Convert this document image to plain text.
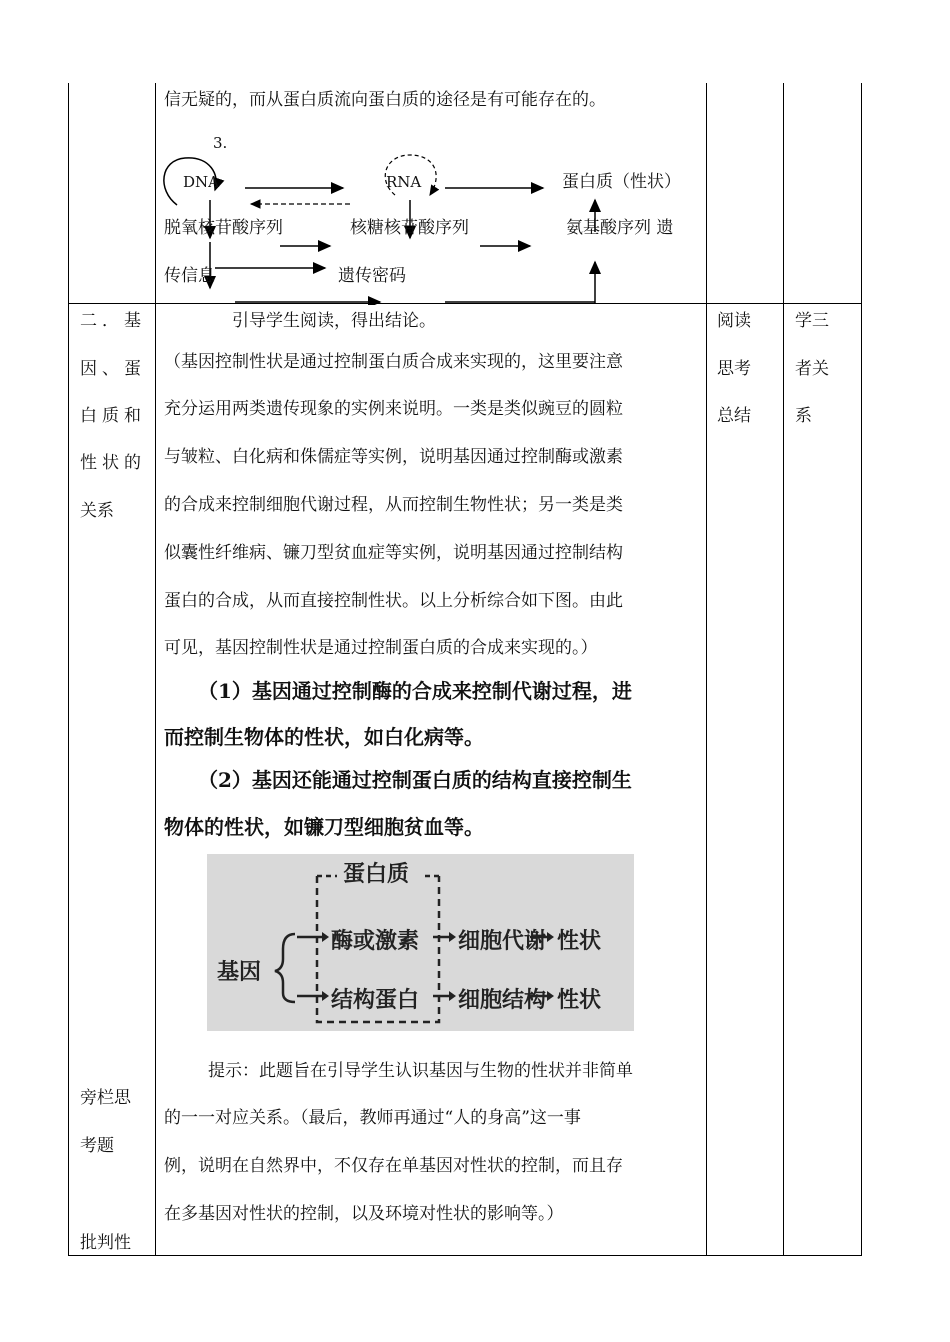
信无疑的，而从蛋白质流向蛋白质的途径是有可能存在的。
3.
DNA	RNA	蛋白质（性状）
脱氧核苷酸序列	核糖核苷酸序列	氨基酸序列 遗
传信息	遗传密码
二．基
因、蛋
白质和
性状的
关系
旁栏思
考题
批判性
引导学生阅读，得出结论。
（基因控制性状是通过控制蛋白质合成来实现的，这里要注意
充分运用两类遗传现象的实例来说明。一类是类似豌豆的圆粒
与皱粒、白化病和侏儒症等实例，说明基因通过控制酶或激素
的合成来控制细胞代谢过程，从而控制生物性状；另一类是类
似囊性纤维病、镰刀型贫血症等实例，说明基因通过控制结构
蛋白的合成，从而直接控制性状。以上分析综合如下图。由此
可见，基因控制性状是通过控制蛋白质的合成来实现的。）
（1）基因通过控制酶的合成来控制代谢过程，进
而控制生物体的性状，如白化病等。
（2）基因还能通过控制蛋白质的结构直接控制生
物体的性状，如镰刀型细胞贫血等。
蛋白质
基因
酶或激素
结构蛋白
细胞代谢
细胞结构
性状
性状
提示：此题旨在引导学生认识基因与生物的性状并非简单
的一一对应关系。（最后，教师再通过“人的身高”这一事
例，说明在自然界中，不仅存在单基因对性状的控制，而且存
在多基因对性状的控制，以及环境对性状的影响等。）
阅读
思考
总结
学三
者关
系
